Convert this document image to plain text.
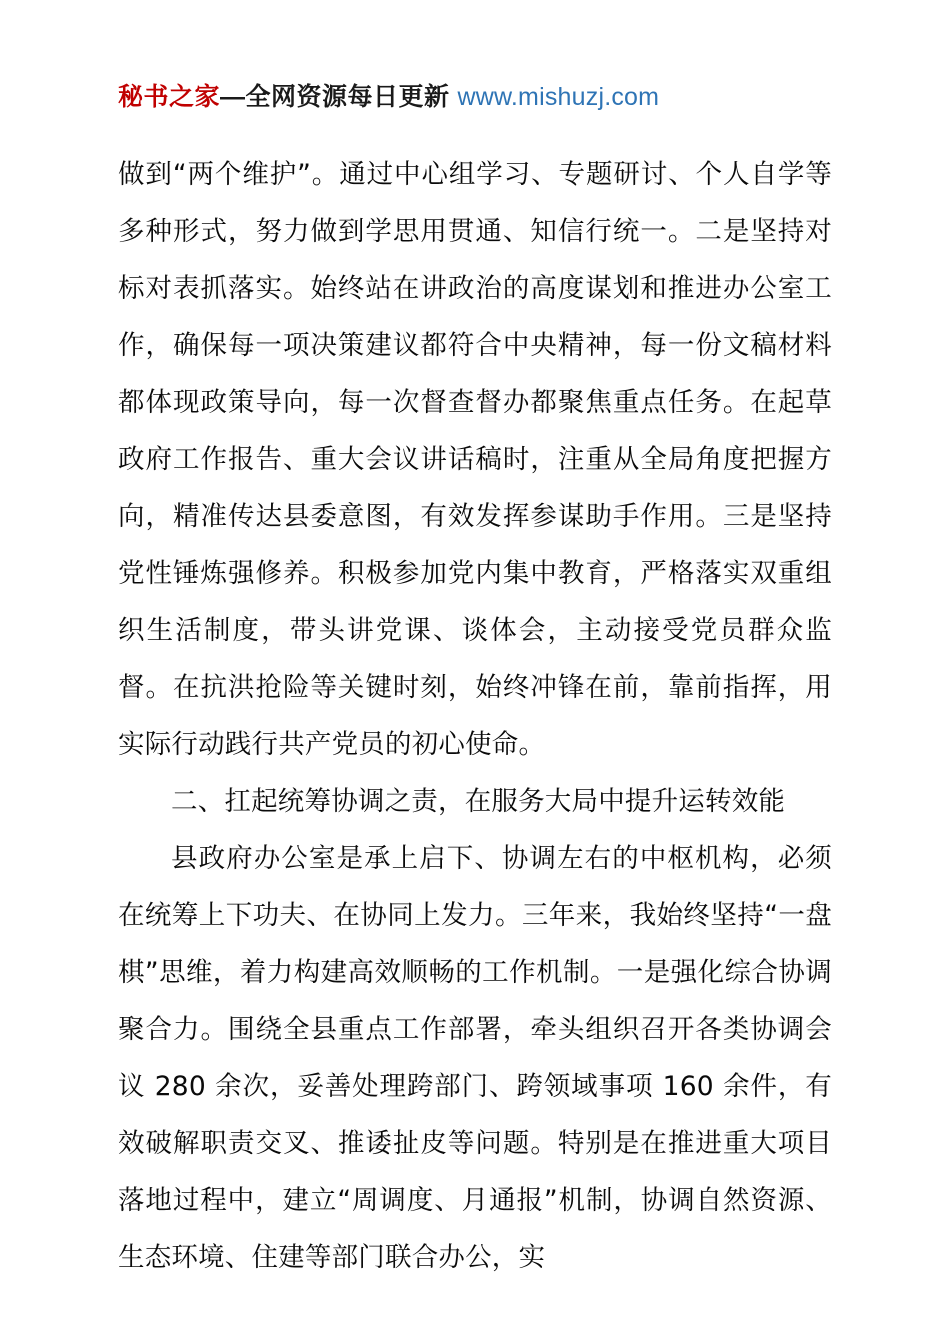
秘书之家 —全网资源每日更新 www.mishuzj.com

做到“两个维护”。通过中心组学习、专题研讨、个人自学等多种形式，努力做到学思用贯通、知信行统一。二是坚持对标对表抓落实。始终站在讲政治的高度谋划和推进办公室工作，确保每一项决策建议都符合中央精神，每一份文稿材料都体现政策导向，每一次督查督办都聚焦重点任务。在起草政府工作报告、重大会议讲话稿时，注重从全局角度把握方向，精准传达县委意图，有效发挥参谋助手作用。三是坚持党性锤炼强修养。积极参加党内集中教育，严格落实双重组织生活制度，带头讲党课、谈体会，主动接受党员群众监督。在抗洪抢险等关键时刻，始终冲锋在前，靠前指挥，用实际行动践行共产党员的初心使命。

二、扛起统筹协调之责，在服务大局中提升运转效能

县政府办公室是承上启下、协调左右的中枢机构，必须在统筹上下功夫、在协同上发力。三年来，我始终坚持“一盘棋”思维，着力构建高效顺畅的工作机制。一是强化综合协调聚合力。围绕全县重点工作部署，牵头组织召开各类协调会议 280 余次，妥善处理跨部门、跨领域事项 160 余件，有效破解职责交叉、推诿扯皮等问题。特别是在推进重大项目落地过程中，建立“周调度、月通报”机制，协调自然资源、生态环境、住建等部门联合办公，实
